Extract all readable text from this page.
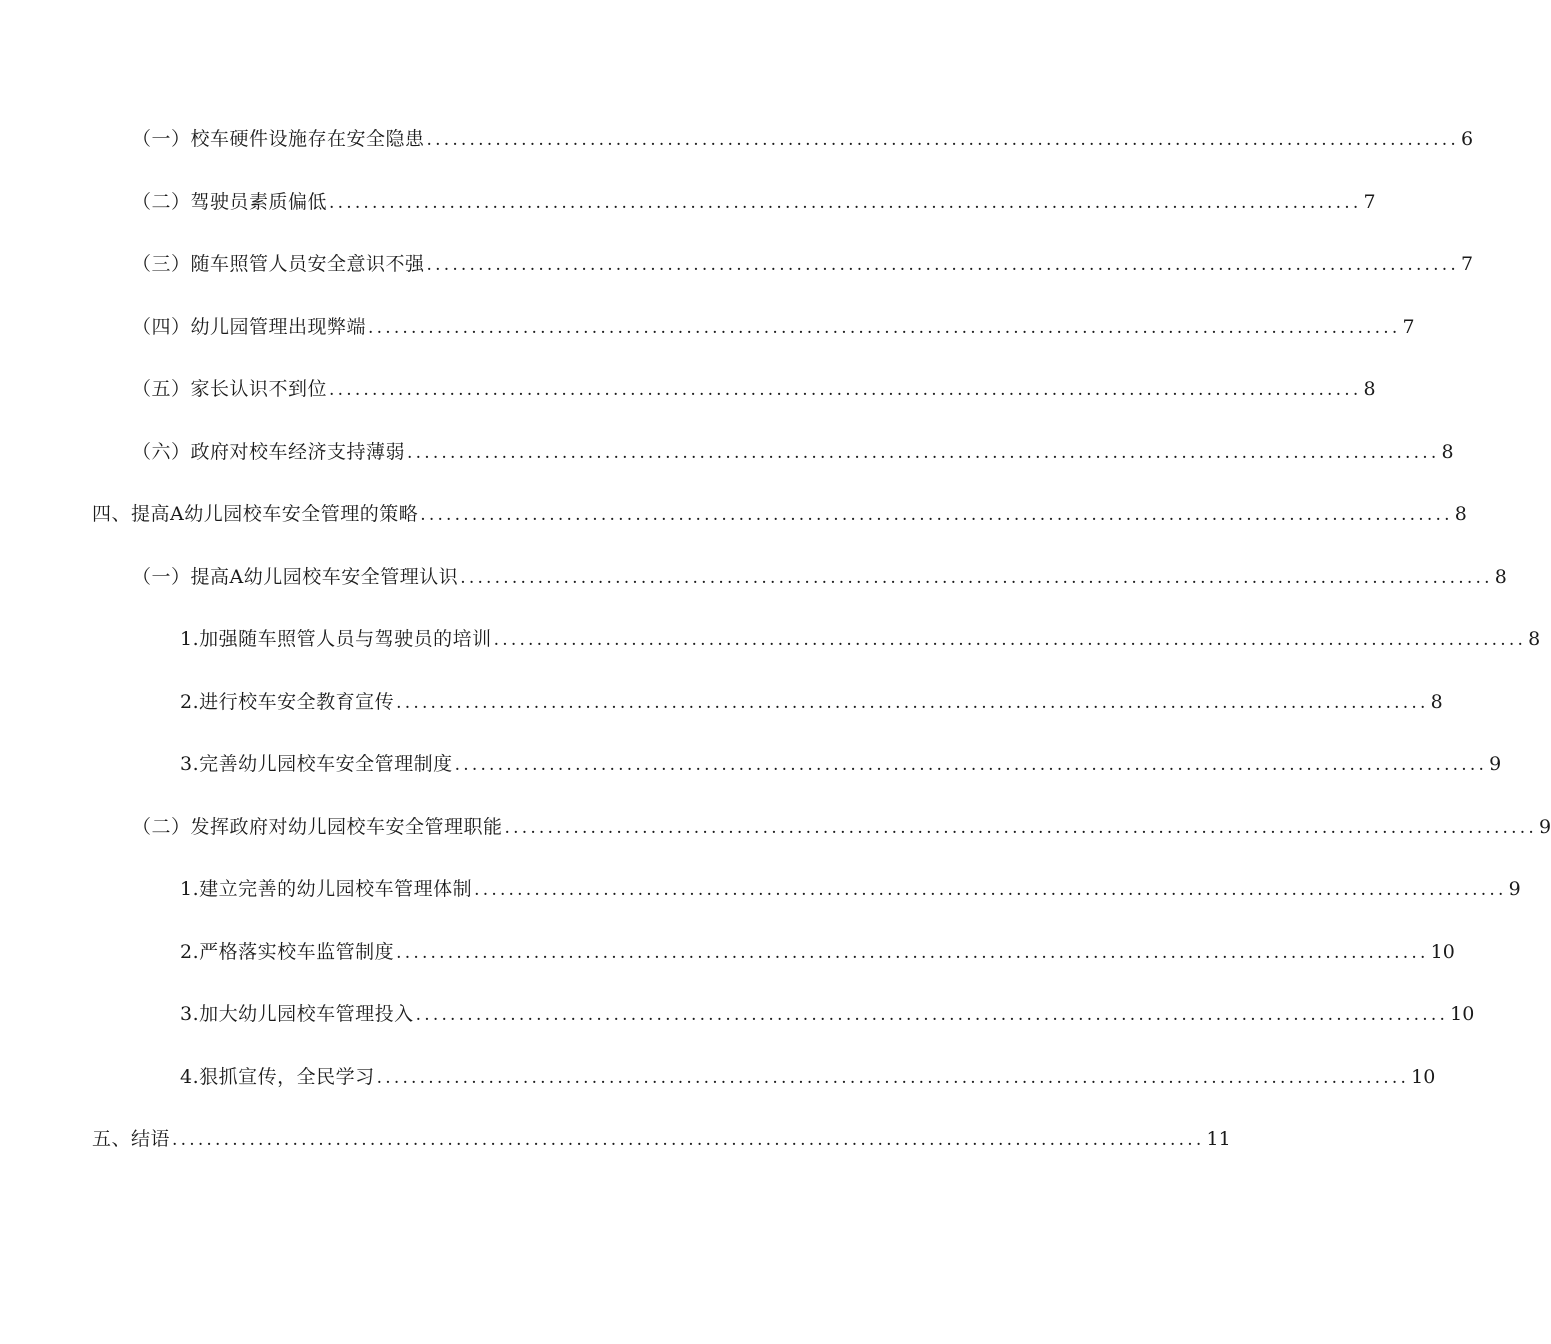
（一）校车硬件设施存在安全隐患 ........................................................................................................................ 6
（二）驾驶员素质偏低 ........................................................................................................................ 7
（三）随车照管人员安全意识不强 ........................................................................................................................ 7
（四）幼儿园管理出现弊端 ........................................................................................................................ 7
（五）家长认识不到位 ........................................................................................................................ 8
（六）政府对校车经济支持薄弱 ........................................................................................................................ 8
四、提高A幼儿园校车安全管理的策略 ........................................................................................................................ 8
（一）提高A幼儿园校车安全管理认识 ........................................................................................................................ 8
1.加强随车照管人员与驾驶员的培训 ........................................................................................................................ 8
2.进行校车安全教育宣传 ........................................................................................................................ 8
3.完善幼儿园校车安全管理制度 ........................................................................................................................ 9
（二）发挥政府对幼儿园校车安全管理职能 ........................................................................................................................ 9
1.建立完善的幼儿园校车管理体制 ........................................................................................................................ 9
2.严格落实校车监管制度 ........................................................................................................................ 10
3.加大幼儿园校车管理投入 ........................................................................................................................ 10
4.狠抓宣传，全民学习 ........................................................................................................................ 10
五、结语 ........................................................................................................................ 11
